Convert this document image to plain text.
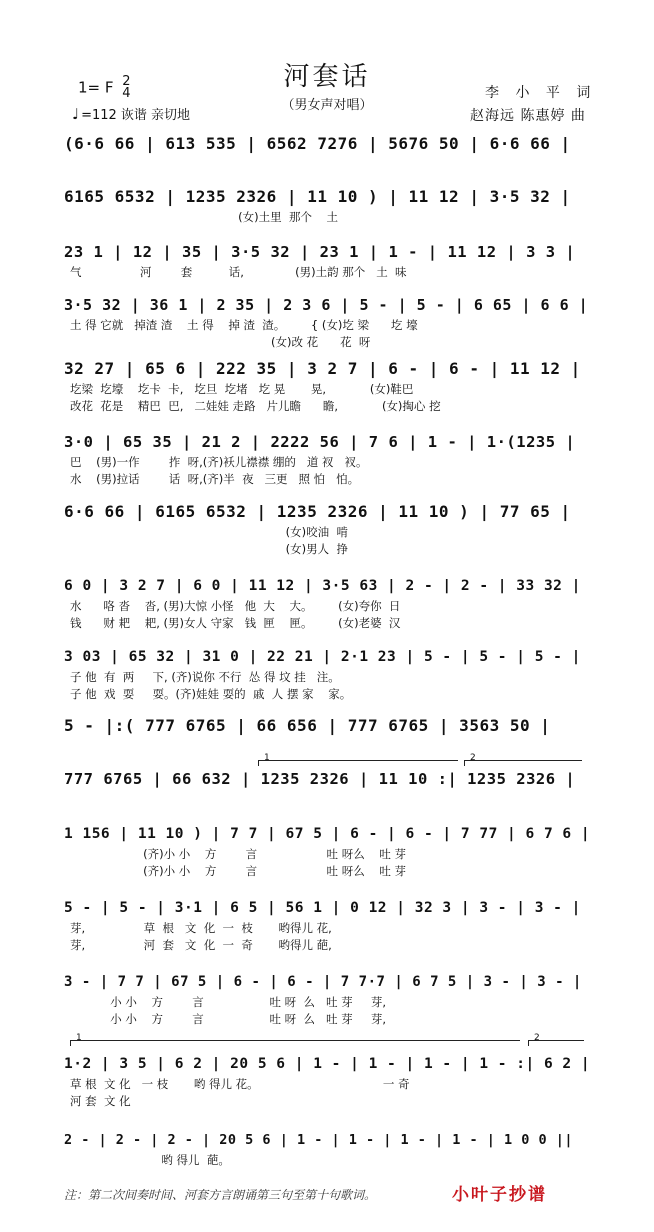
1= F 2
4
♩ =112 诙谐 亲切地
河套话
（男女声对唱）
李 小 平 词
赵海远 陈惠婷 曲
(6·6 66 | 613 535 | 6562 7276 | 5676 50 | 6·6 66 |
6165 6532 | 1235 2326 | 11 10 ) | 11 12 | 3·5 32 |
(女)土里  那个    土
23 1 | 12 | 35 | 3·5 32 | 23 1 | 1 - | 11 12 | 3 3 |
气                河        套          话,              (男)土韵 那个   土  味
3·5 32 | 36 1 | 2 35 | 2 3 6 | 5 - | 5 - | 6 65 | 6 6 |
土 得 它就   掉渣 渣    土 得    掉 渣  渣。       { (女)圪 梁      圪 壕
(女)改 花      花  呀
32 27 | 65 6 | 222 35 | 3 2 7 | 6 - | 6 - | 11 12 |
圪梁  圪壕    圪卡  卡,   圪旦  圪堵   圪 晃       晃,            (女)鞋巴
改花  花是    精巴  巴,   二娃娃 走路   片儿瞻      瞻,            (女)掏心 挖
3·0 | 65 35 | 21 2 | 2222 56 | 7 6 | 1 - | 1·(1235 |
巴    (男)一作        拃  呀,(齐)袄儿襟襟 绷的   道 衩   衩。
水    (男)拉话        话  呀,(齐)半  夜   三更   照 怕   怕。
6·6 66 | 6165 6532 | 1235 2326 | 11 10 ) | 77 65 |
(女)咬油  啃
(女)男人  挣
6 0 | 3 2 7 | 6 0 | 11 12 | 3·5 63 | 2 - | 2 - | 33 32 |
水      咯 沓    沓, (男)大惊 小怪   他  大    大。       (女)夸你  日
钱      财 耙    耙, (男)女人 守家   钱  匣    匣。       (女)老婆  汉
3 03 | 65 32 | 31 0 | 22 21 | 2·1 23 | 5 - | 5 - | 5 - |
子 他  有  两     下, (齐)说你 不行  怂 得 坟 挂   注。
子 他  戏  耍     耍。(齐)娃娃 耍的  戚  人 摆 家    家。
5 - |:( 777 6765 | 66 656 | 777 6765 | 3563 50 |
777 6765 | 66 632 | 1235 2326 | 11 10 :| 1235 2326 |
1 156 | 11 10 ) | 7 7 | 67 5 | 6 - | 6 - | 7 77 | 6 7 6 |
(齐)小 小    方        言                   吐 呀么    吐 芽
(齐)小 小    方        言                   吐 呀么    吐 芽
5 - | 5 - | 3·1 | 6 5 | 56 1 | 0 12 | 32 3 | 3 - | 3 - |
芽,                草  根   文  化  一  枝       哟得儿 花,
芽,                河  套   文  化  一  奇       哟得儿 葩,
3 - | 7 7 | 67 5 | 6 - | 6 - | 7 7·7 | 6 7 5 | 3 - | 3 - |
小 小    方        言                  吐 呀  么   吐 芽     芽,
小 小    方        言                  吐 呀  么   吐 芽     芽,
1·2 | 3 5 | 6 2 | 20 5 6 | 1 - | 1 - | 1 - | 1 - :| 6 2 |
草 根  文 化   一 枝       哟 得儿 花。                                  一 奇
河 套  文 化
2 - | 2 - | 2 - | 20 5 6 | 1 - | 1 - | 1 - | 1 - | 1 0 0 ||
哟 得儿  葩。
1	2
1	2
注：第二次间奏时间、河套方言朗诵第三句至第十句歌词。	小叶子抄谱
